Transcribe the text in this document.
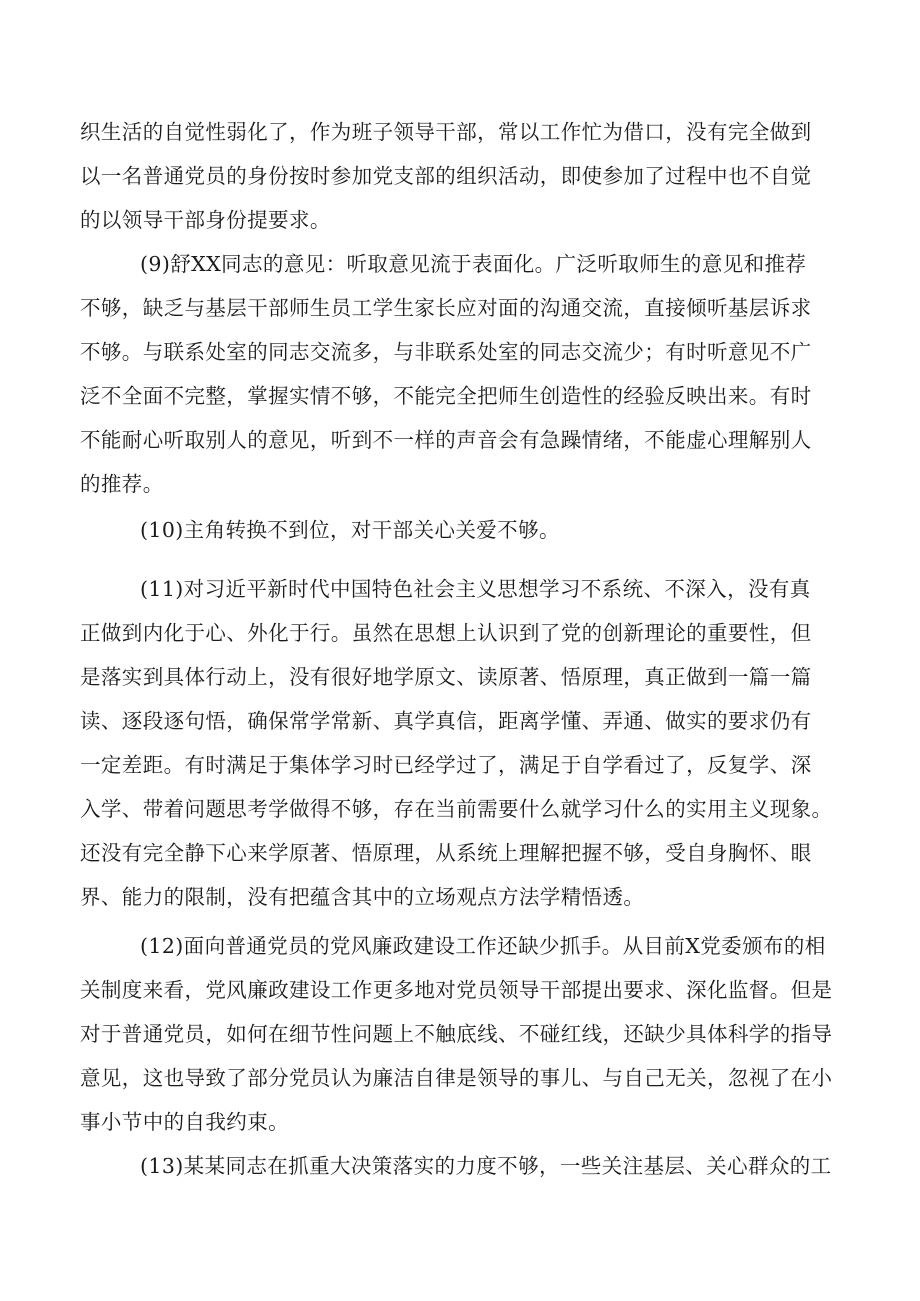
织生活的自觉性弱化了，作为班子领导干部，常以工作忙为借口，没有完全做到
以一名普通党员的身份按时参加党支部的组织活动，即使参加了过程中也不自觉
的以领导干部身份提要求。
(9)舒XX同志的意见：听取意见流于表面化。广泛听取师生的意见和推荐
不够，缺乏与基层干部师生员工学生家长应对面的沟通交流，直接倾听基层诉求
不够。与联系处室的同志交流多，与非联系处室的同志交流少；有时听意见不广
泛不全面不完整，掌握实情不够，不能完全把师生创造性的经验反映出来。有时
不能耐心听取别人的意见，听到不一样的声音会有急躁情绪，不能虚心理解别人
的推荐。
(10)主角转换不到位，对干部关心关爱不够。
(11)对习近平新时代中国特色社会主义思想学习不系统、不深入，没有真
正做到内化于心、外化于行。虽然在思想上认识到了党的创新理论的重要性，但
是落实到具体行动上，没有很好地学原文、读原著、悟原理，真正做到一篇一篇
读、逐段逐句悟，确保常学常新、真学真信，距离学懂、弄通、做实的要求仍有
一定差距。有时满足于集体学习时已经学过了，满足于自学看过了，反复学、深
入学、带着问题思考学做得不够，存在当前需要什么就学习什么的实用主义现象。
还没有完全静下心来学原著、悟原理，从系统上理解把握不够，受自身胸怀、眼
界、能力的限制，没有把蕴含其中的立场观点方法学精悟透。
(12)面向普通党员的党风廉政建设工作还缺少抓手。从目前X党委颁布的相
关制度来看，党风廉政建设工作更多地对党员领导干部提出要求、深化监督。但是
对于普通党员，如何在细节性问题上不触底线、不碰红线，还缺少具体科学的指导
意见，这也导致了部分党员认为廉洁自律是领导的事儿、与自己无关，忽视了在小
事小节中的自我约束。
(13)某某同志在抓重大决策落实的力度不够，一些关注基层、关心群众的工
